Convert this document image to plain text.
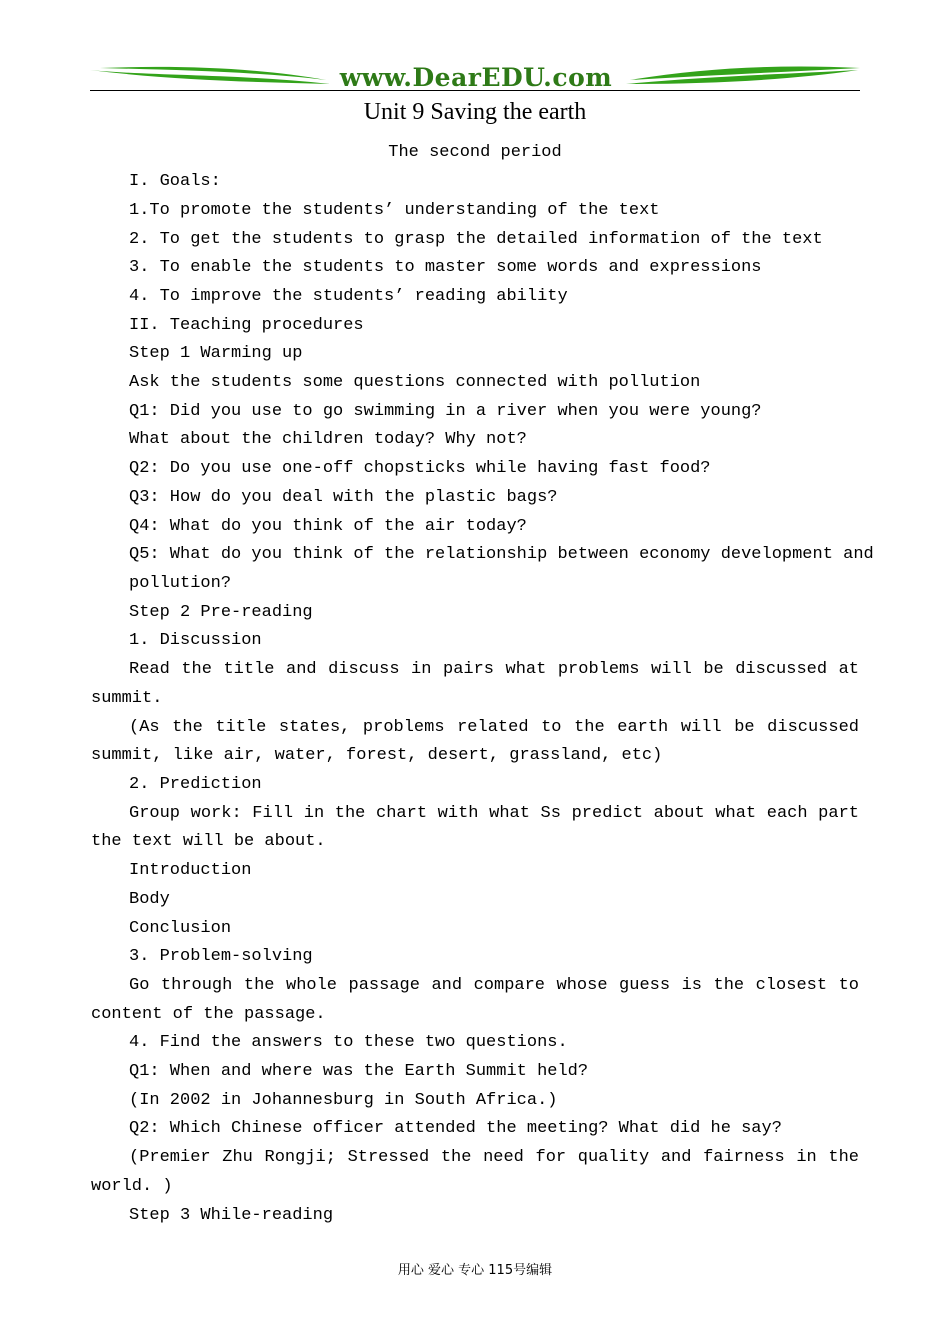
www.DearEDU.com
Unit 9 Saving the earth
The second period
I. Goals:
1.To promote the students’ understanding of the text
2. To get the students to grasp the detailed information of the text
3. To enable the students to master some words and expressions
4. To improve the students’ reading ability
II. Teaching procedures
Step 1 Warming up
Ask the students some questions connected with pollution
Q1: Did you use to go swimming in a river when you were young?
What about the children today? Why not?
Q2: Do you use one-off chopsticks while having fast food?
Q3: How do you deal with the plastic bags?
Q4: What do you think of the air today?
Q5: What do you think of the relationship between economy development and
pollution?
Step 2 Pre-reading
1. Discussion
Read the title and discuss in pairs what problems will be discussed at
summit.
(As the title states, problems related to the earth will be discussed
summit, like air, water, forest, desert, grassland, etc)
2. Prediction
Group work: Fill in the chart with what Ss predict about what each part
the text will be about.
Introduction
Body
Conclusion
3. Problem-solving
Go through the whole passage and compare whose guess is the closest to
content of the passage.
4. Find the answers to these two questions.
Q1: When and where was the Earth Summit held?
(In 2002 in Johannesburg in South Africa.)
Q2: Which Chinese officer attended the meeting? What did he say?
(Premier Zhu Rongji; Stressed the need for quality and fairness in the
world. )
Step 3 While-reading
用心 爱心 专心 115号编辑
